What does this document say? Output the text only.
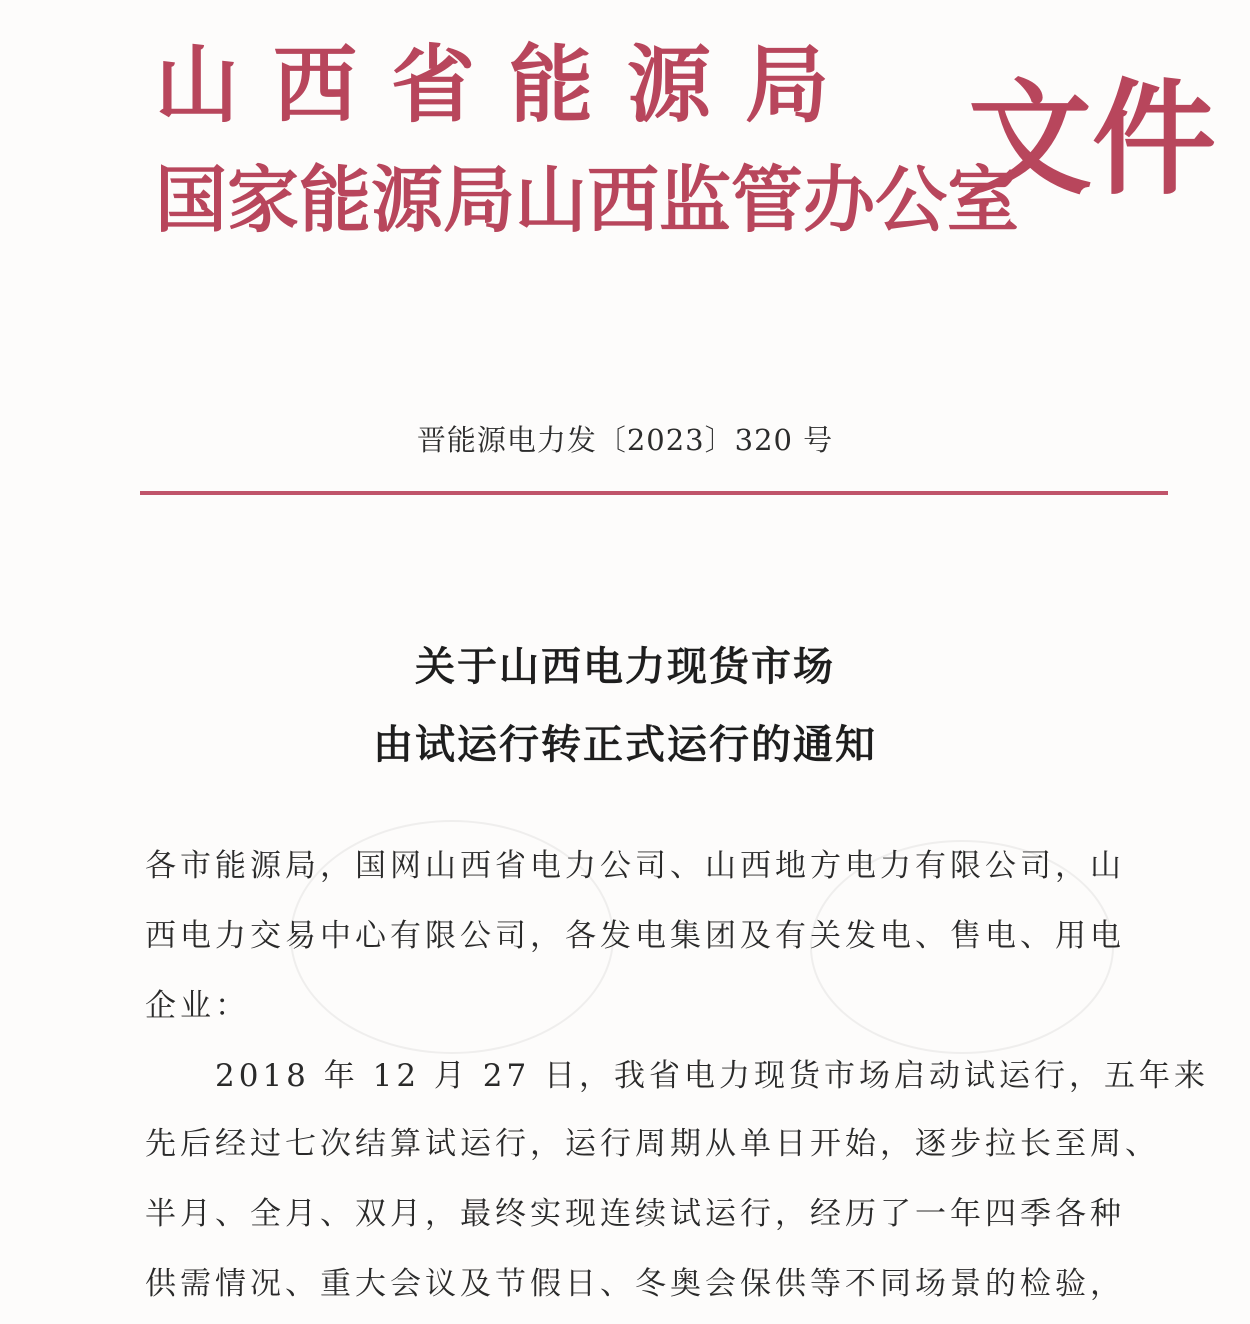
山西省能源局
国家能源局山西监管办公室
文件
晋能源电力发〔2023〕320 号
关于山西电力现货市场
由试运行转正式运行的通知
各市能源局，国网山西省电力公司、山西地方电力有限公司，山
西电力交易中心有限公司，各发电集团及有关发电、售电、用电
企业：
2018 年 12 月 27 日，我省电力现货市场启动试运行，五年来
先后经过七次结算试运行，运行周期从单日开始，逐步拉长至周、
半月、全月、双月，最终实现连续试运行，经历了一年四季各种
供需情况、重大会议及节假日、冬奥会保供等不同场景的检验，
